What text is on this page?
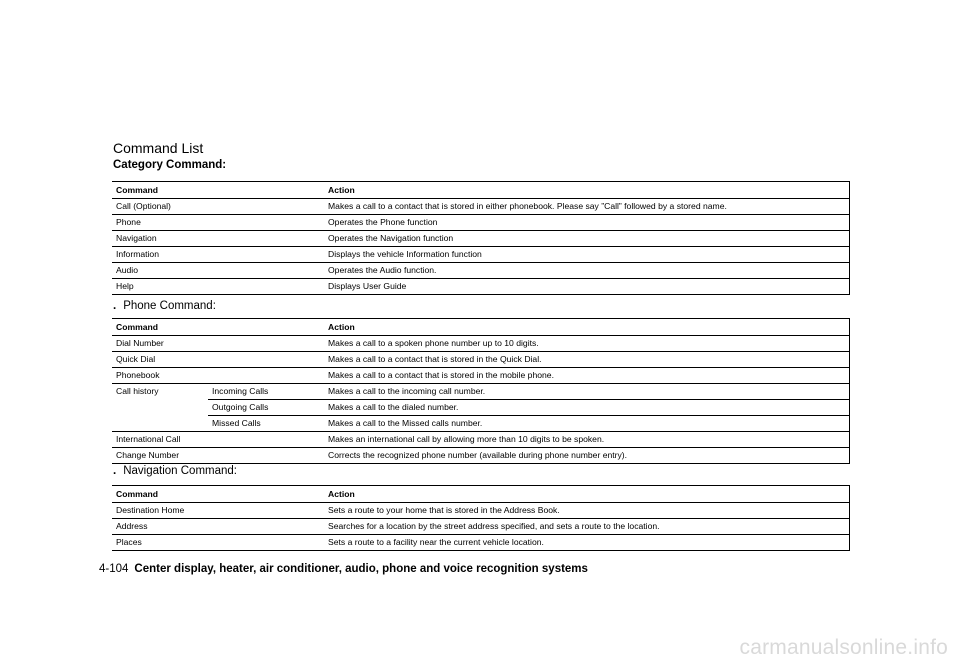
Command List
Category Command:
Command	Action
Call (Optional)	Makes a call to a contact that is stored in either phonebook. Please say ”Call” followed by a stored name.
Phone	Operates the Phone function
Navigation	Operates the Navigation function
Information	Displays the vehicle Information function
Audio	Operates the Audio function.
Help	Displays User Guide
. Phone Command:
Command		Action
Dial Number		Makes a call to a spoken phone number up to 10 digits.
Quick Dial		Makes a call to a contact that is stored in the Quick Dial.
Phonebook		Makes a call to a contact that is stored in the mobile phone.
Call history	Incoming Calls	Makes a call to the incoming call number.
	Outgoing Calls	Makes a call to the dialed number.
	Missed Calls	Makes a call to the Missed calls number.
International Call		Makes an international call by allowing more than 10 digits to be spoken.
Change Number		Corrects the recognized phone number (available during phone number entry).
. Navigation Command:
Command	Action
Destination Home	Sets a route to your home that is stored in the Address Book.
Address	Searches for a location by the street address specified, and sets a route to the location.
Places	Sets a route to a facility near the current vehicle location.
4-104 Center display, heater, air conditioner, audio, phone and voice recognition systems
carmanualsonline.info
